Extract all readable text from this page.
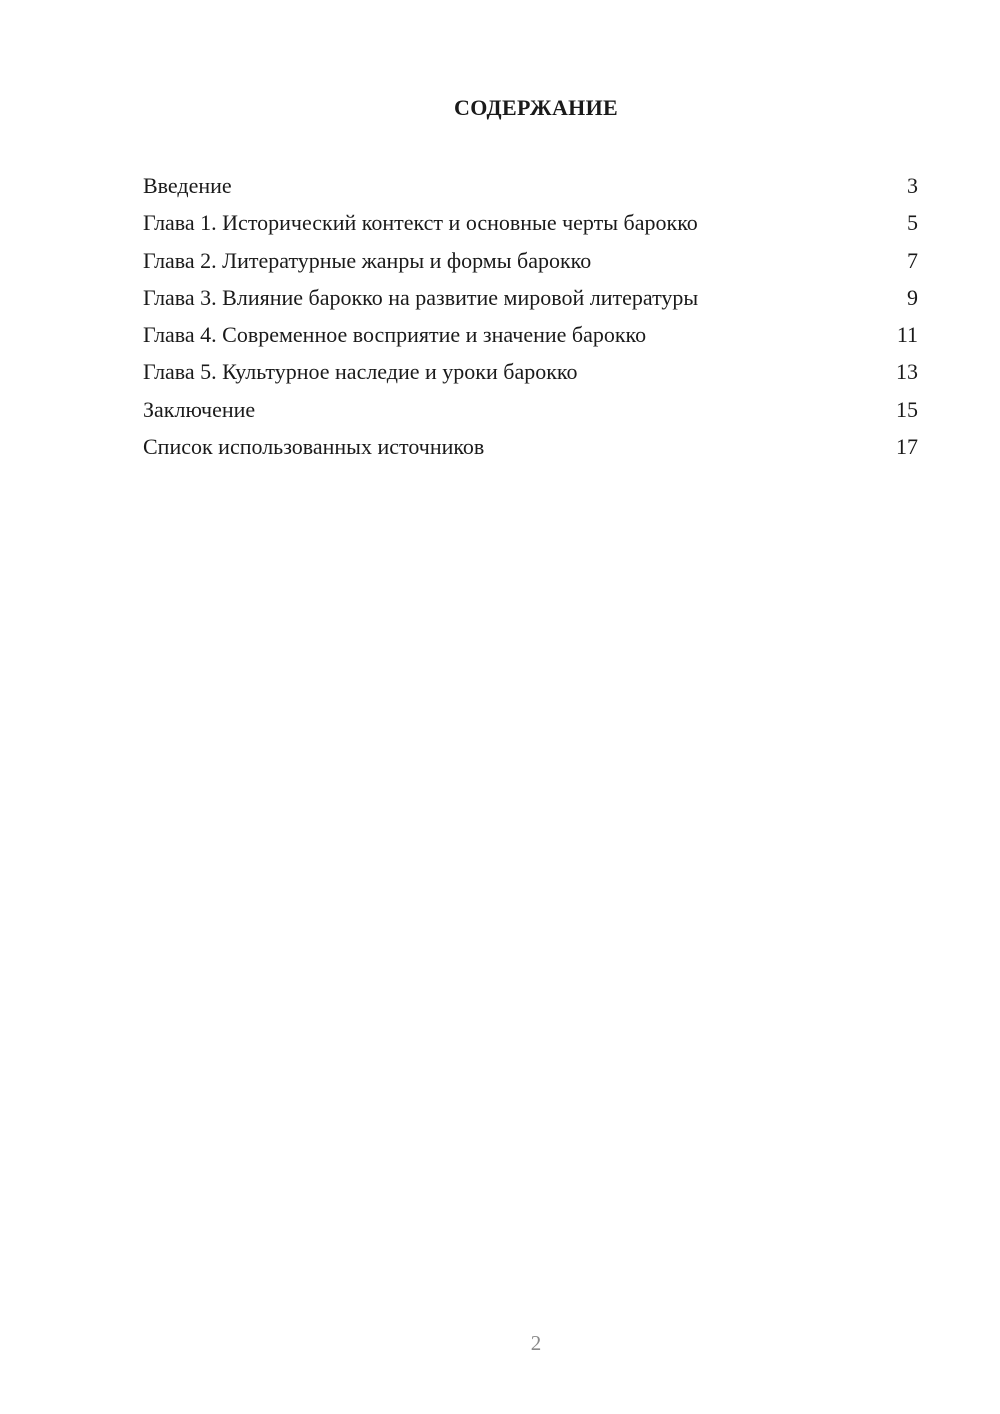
СОДЕРЖАНИЕ
Введение	3
Глава 1. Исторический контекст и основные черты барокко	5
Глава 2. Литературные жанры и формы барокко	7
Глава 3. Влияние барокко на развитие мировой литературы	9
Глава 4. Современное восприятие и значение барокко	11
Глава 5. Культурное наследие и уроки барокко	13
Заключение	15
Список использованных источников	17
2
